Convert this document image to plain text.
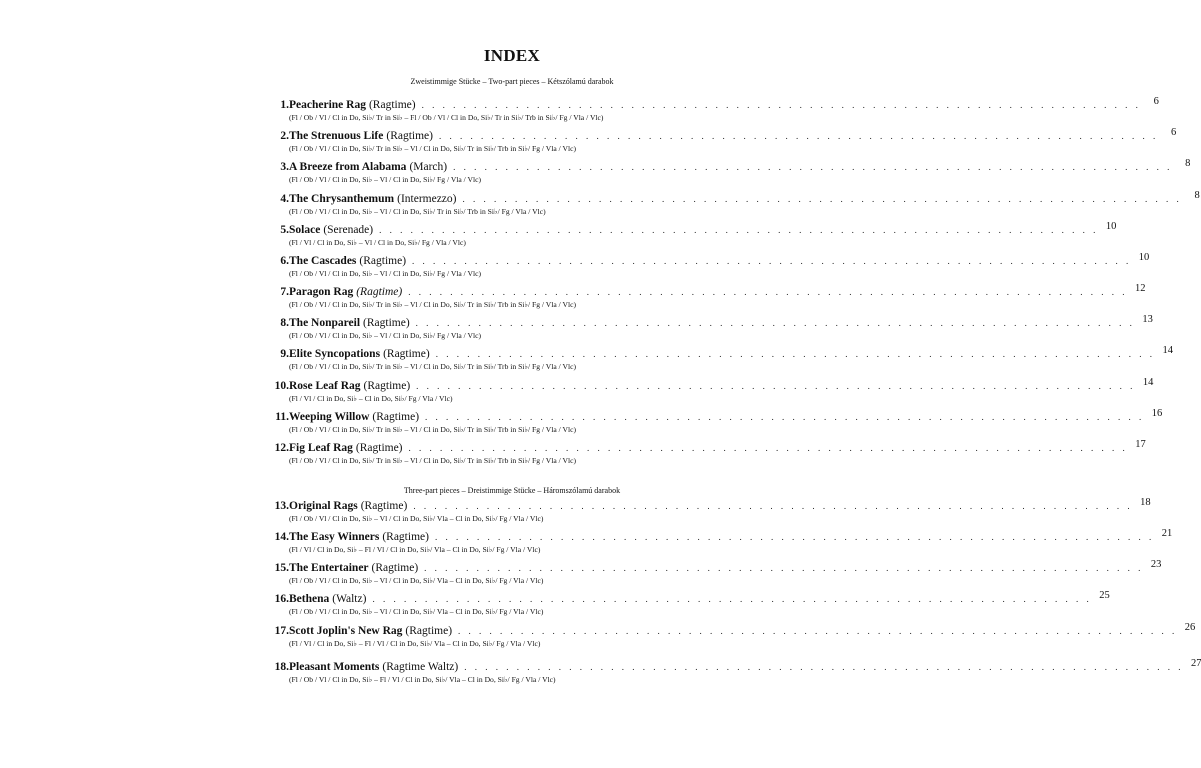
INDEX
Zweistimmige Stücke – Two-part pieces – Kétszólamú darabok
Three-part pieces – Dreistimmige Stücke – Háromszólamú darabok
1. Peacherine Rag (Ragtime) . . . . . . . . . . . . . . . . . . . . . . . . . . . . . . . . . . . . . . . . . . . . . . . . . . . . . . . . . . . . . . . . . . . . .	6
(Fl / Ob / Vl / Cl in Do, Si♭/ Tr in Si♭ – Fl / Ob / Vl / Cl in Do, Si♭/ Tr in Si♭/ Trb in Si♭/ Fg / Vla / Vlc)
2. The Strenuous Life (Ragtime) . . . . . . . . . . . . . . . . . . . . . . . . . . . . . . . . . . . . . . . . . . . . . . . . . . . . . . . . . . . . . . . . . . . . .	6
(Fl / Ob / Vl / Cl in Do, Si♭/ Tr in Si♭ – Vl / Cl in Do, Si♭/ Tr in Si♭/ Trb in Si♭/ Fg / Vla / Vlc)
3. A Breeze from Alabama (March) . . . . . . . . . . . . . . . . . . . . . . . . . . . . . . . . . . . . . . . . . . . . . . . . . . . . . . . . . . . . . . . . . . . . .	8
(Fl / Ob / Vl / Cl in Do, Si♭ – Vl / Cl in Do, Si♭/ Fg / Vla / Vlc)
4. The Chrysanthemum (Intermezzo) . . . . . . . . . . . . . . . . . . . . . . . . . . . . . . . . . . . . . . . . . . . . . . . . . . . . . . . . . . . . . . . . . . . . .	8
(Fl / Ob / Vl / Cl in Do, Si♭ – Vl / Cl in Do, Si♭/ Tr in Si♭/ Trb in Si♭/ Fg / Vla / Vlc)
5. Solace (Serenade) . . . . . . . . . . . . . . . . . . . . . . . . . . . . . . . . . . . . . . . . . . . . . . . . . . . . . . . . . . . . . . . . . . . . . 10
(Fl / Vl / Cl in Do, Si♭ – Vl / Cl in Do, Si♭/ Fg / Vla / Vlc)
6. The Cascades (Ragtime) . . . . . . . . . . . . . . . . . . . . . . . . . . . . . . . . . . . . . . . . . . . . . . . . . . . . . . . . . . . . . . . . . . . . . 10
(Fl / Ob / Vl / Cl in Do, Si♭ – Vl / Cl in Do, Si♭/ Fg / Vla / Vlc)
7. Paragon Rag (Ragtime) . . . . . . . . . . . . . . . . . . . . . . . . . . . . . . . . . . . . . . . . . . . . . . . . . . . . . . . . . . . . . . . . . . . . . 12
(Fl / Ob / Vl / Cl in Do, Si♭/ Tr in Si♭ – Vl / Cl in Do, Si♭/ Tr in Si♭/ Trb in Si♭/ Fg / Vla / Vlc)
8. The Nonpareil (Ragtime) . . . . . . . . . . . . . . . . . . . . . . . . . . . . . . . . . . . . . . . . . . . . . . . . . . . . . . . . . . . . . . . . . . . . . 13
(Fl / Ob / Vl / Cl in Do, Si♭ – Vl / Cl in Do, Si♭/ Fg / Vla / Vlc)
9. Elite Syncopations (Ragtime) . . . . . . . . . . . . . . . . . . . . . . . . . . . . . . . . . . . . . . . . . . . . . . . . . . . . . . . . . . . . . . . . . . . . . 14
(Fl / Ob / Vl / Cl in Do, Si♭/ Tr in Si♭ – Vl / Cl in Do, Si♭/ Tr in Si♭/ Trb in Si♭/ Fg / Vla / Vlc)
10. Rose Leaf Rag (Ragtime) . . . . . . . . . . . . . . . . . . . . . . . . . . . . . . . . . . . . . . . . . . . . . . . . . . . . . . . . . . . . . . . . . . . . . 14
(Fl / Vl / Cl in Do, Si♭ – Cl in Do, Si♭/ Fg / Vla / Vlc)
11. Weeping Willow (Ragtime) . . . . . . . . . . . . . . . . . . . . . . . . . . . . . . . . . . . . . . . . . . . . . . . . . . . . . . . . . . . . . . . . . . . . . 16
(Fl / Ob / Vl / Cl in Do, Si♭/ Tr in Si♭ – Vl / Cl in Do, Si♭/ Tr in Si♭/ Trb in Si♭/ Fg / Vla / Vlc)
12. Fig Leaf Rag (Ragtime) . . . . . . . . . . . . . . . . . . . . . . . . . . . . . . . . . . . . . . . . . . . . . . . . . . . . . . . . . . . . . . . . . . . . . 17
(Fl / Ob / Vl / Cl in Do, Si♭/ Tr in Si♭ – Vl / Cl in Do, Si♭/ Tr in Si♭/ Trb in Si♭/ Fg / Vla / Vlc)
13. Original Rags (Ragtime) . . . . . . . . . . . . . . . . . . . . . . . . . . . . . . . . . . . . . . . . . . . . . . . . . . . . . . . . . . . . . . . . . . . . . 18
(Fl / Ob / Vl / Cl in Do, Si♭ – Vl / Cl in Do, Si♭/ Vla – Cl in Do, Si♭/ Fg / Vla / Vlc)
14. The Easy Winners (Ragtime) . . . . . . . . . . . . . . . . . . . . . . . . . . . . . . . . . . . . . . . . . . . . . . . . . . . . . . . . . . . . . . . . . . . . . 21
(Fl / Vl / Cl in Do, Si♭ – Fl / Vl / Cl in Do, Si♭/ Vla – Cl in Do, Si♭/ Fg / Vla / Vlc)
15. The Entertainer (Ragtime) . . . . . . . . . . . . . . . . . . . . . . . . . . . . . . . . . . . . . . . . . . . . . . . . . . . . . . . . . . . . . . . . . . . . . 23
(Fl / Ob / Vl / Cl in Do, Si♭ – Vl / Cl in Do, Si♭/ Vla – Cl in Do, Si♭/ Fg / Vla / Vlc)
16. Bethena (Waltz) . . . . . . . . . . . . . . . . . . . . . . . . . . . . . . . . . . . . . . . . . . . . . . . . . . . . . . . . . . . . . . . . . . . . . 25
(Fl / Ob / Vl / Cl in Do, Si♭ – Vl / Cl in Do, Si♭/ Vla – Cl in Do, Si♭/ Fg / Vla / Vlc)
17. Scott Joplin's New Rag (Ragtime) . . . . . . . . . . . . . . . . . . . . . . . . . . . . . . . . . . . . . . . . . . . . . . . . . . . . . . . . . . . . . . . . . . . . . 26
(Fl / Vl / Cl in Do, Si♭ – Fl / Vl / Cl in Do, Si♭/ Vla – Cl in Do, Si♭/ Fg / Vla / Vlc)
18. Pleasant Moments (Ragtime Waltz) . . . . . . . . . . . . . . . . . . . . . . . . . . . . . . . . . . . . . . . . . . . . . . . . . . . . . . . . . . . . . . . . . . . . . 27
(Fl / Ob / Vl / Cl in Do, Si♭ – Fl / Vl / Cl in Do, Si♭/ Vla – Cl in Do, Si♭/ Fg / Vla / Vlc)
